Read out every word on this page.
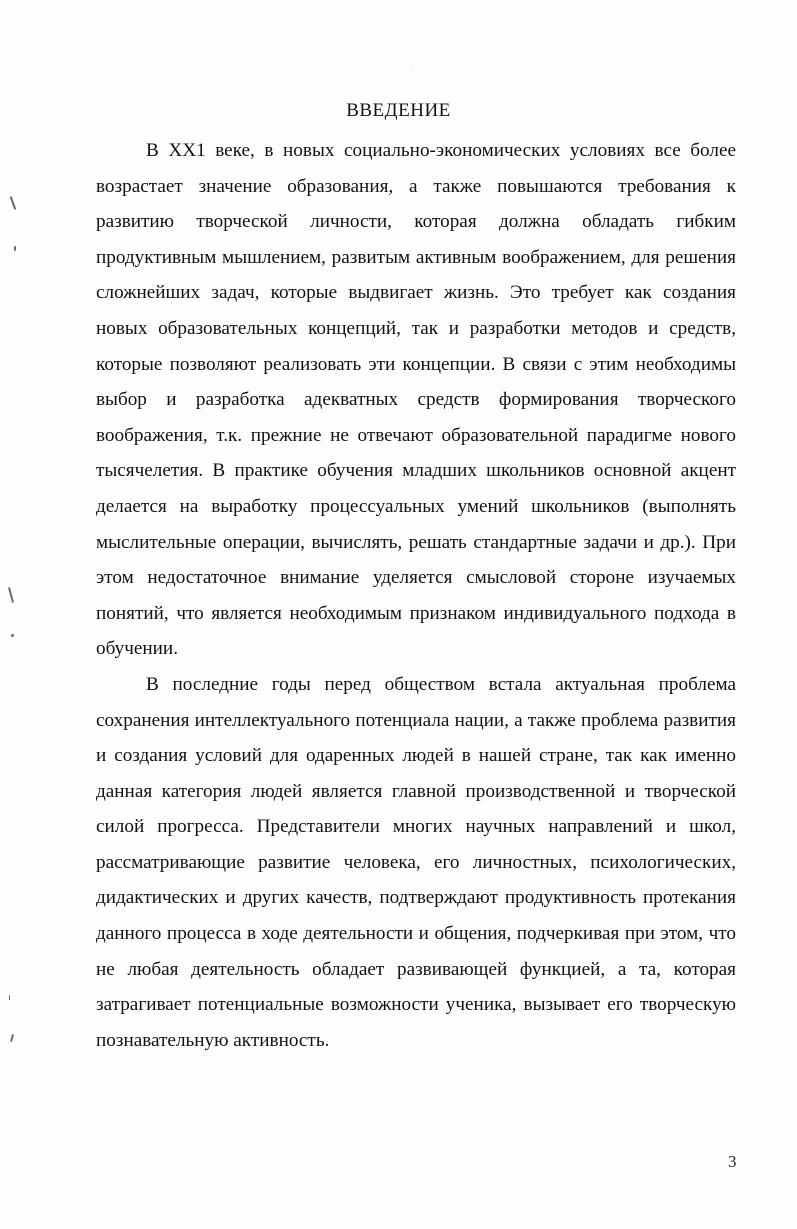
ВВЕДЕНИЕ

В XX1 веке, в новых социально-экономических условиях все более возрастает значение образования, а также повышаются требования к развитию творческой личности, которая должна обладать гибким продуктивным мышлением, развитым активным воображением, для решения сложнейших задач, которые выдвигает жизнь. Это требует как создания новых образовательных концепций, так и разработки методов и средств, которые позволяют реализовать эти концепции. В связи с этим необходимы выбор и разработка адекватных средств формирования творческого воображения, т.к. прежние не отвечают образовательной парадигме нового тысячелетия. В практике обучения младших школьников основной акцент делается на выработку процессуальных умений школьников (выполнять мыслительные операции, вычислять, решать стандартные задачи и др.). При этом недостаточное внимание уделяется смысловой стороне изучаемых понятий, что является необходимым признаком индивидуального подхода в обучении.

В последние годы перед обществом встала актуальная проблема сохранения интеллектуального потенциала нации, а также проблема развития и создания условий для одаренных людей в нашей стране, так как именно данная категория людей является главной производственной и творческой силой прогресса. Представители многих научных направлений и школ, рассматривающие развитие человека, его личностных, психологических, дидактических и других качеств, подтверждают продуктивность протекания данного процесса в ходе деятельности и общения, подчеркивая при этом, что не любая деятельность обладает развивающей функцией, а та, которая затрагивает потенциальные возможности ученика, вызывает его творческую познавательную активность.

3
